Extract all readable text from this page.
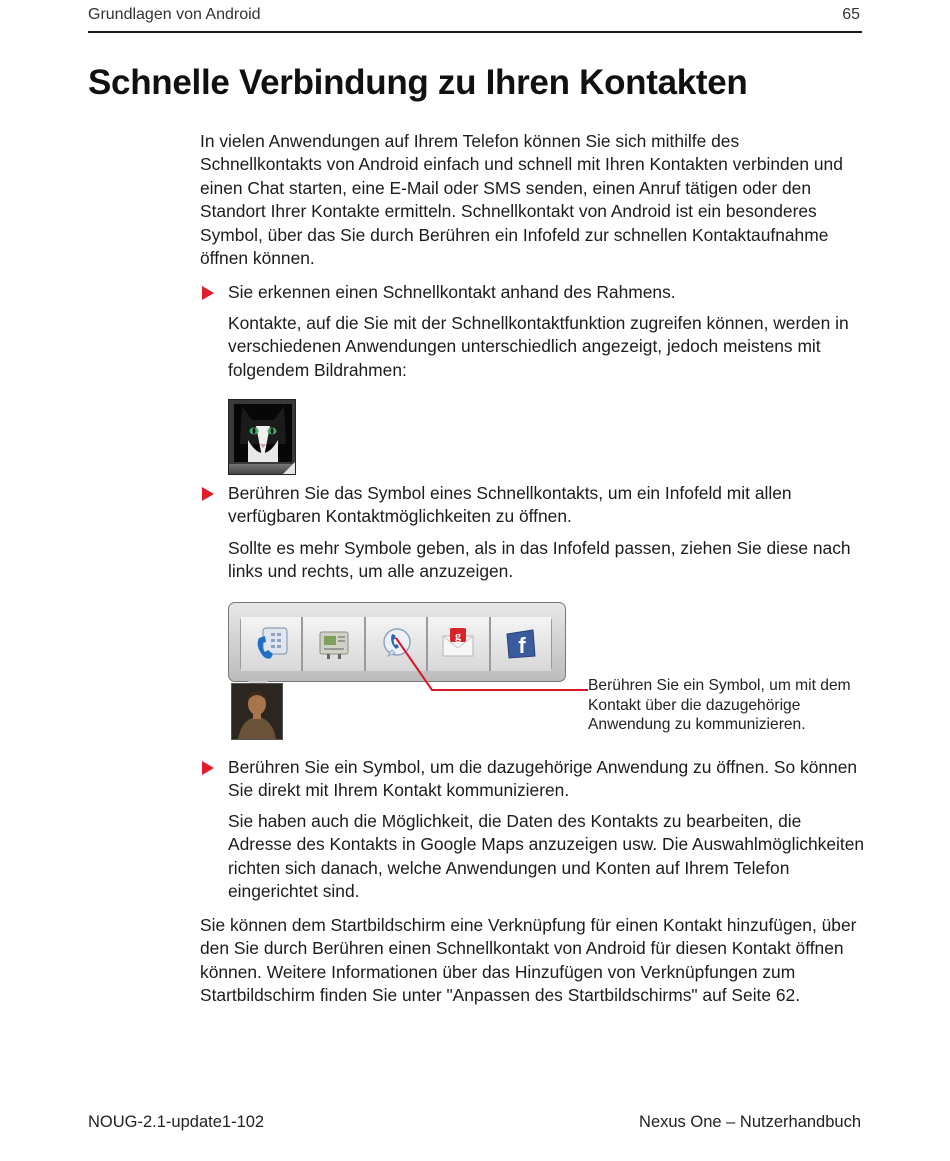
Grundlagen von Android	65
Schnelle Verbindung zu Ihren Kontakten

In vielen Anwendungen auf Ihrem Telefon können Sie sich mithilfe des Schnellkontakts von Android einfach und schnell mit Ihren Kontakten verbinden und einen Chat starten, eine E-Mail oder SMS senden, einen Anruf tätigen oder den Standort Ihrer Kontakte ermitteln. Schnellkontakt von Android ist ein besonderes Symbol, über das Sie durch Berühren ein Infofeld zur schnellen Kontaktaufnahme öffnen können.

Sie erkennen einen Schnellkontakt anhand des Rahmens.

Kontakte, auf die Sie mit der Schnellkontaktfunktion zugreifen können, werden in verschiedenen Anwendungen unterschiedlich angezeigt, jedoch meistens mit folgendem Bildrahmen:

Berühren Sie das Symbol eines Schnellkontakts, um ein Infofeld mit allen verfügbaren Kontaktmöglichkeiten zu öffnen.

Sollte es mehr Symbole geben, als in das Infofeld passen, ziehen Sie diese nach links und rechts, um alle anzuzeigen.

g	f
Berühren Sie ein Symbol, um mit dem Kontakt über die dazugehörige Anwendung zu kommunizieren.

Berühren Sie ein Symbol, um die dazugehörige Anwendung zu öffnen. So können Sie direkt mit Ihrem Kontakt kommunizieren.

Sie haben auch die Möglichkeit, die Daten des Kontakts zu bearbeiten, die Adresse des Kontakts in Google Maps anzuzeigen usw. Die Auswahlmöglichkeiten richten sich danach, welche Anwendungen und Konten auf Ihrem Telefon eingerichtet sind.

Sie können dem Startbildschirm eine Verknüpfung für einen Kontakt hinzufügen, über den Sie durch Berühren einen Schnellkontakt von Android für diesen Kontakt öffnen können. Weitere Informationen über das Hinzufügen von Verknüpfungen zum Startbildschirm finden Sie unter "Anpassen des Startbildschirms" auf Seite 62.

NOUG-2.1-update1-102	Nexus One – Nutzerhandbuch
